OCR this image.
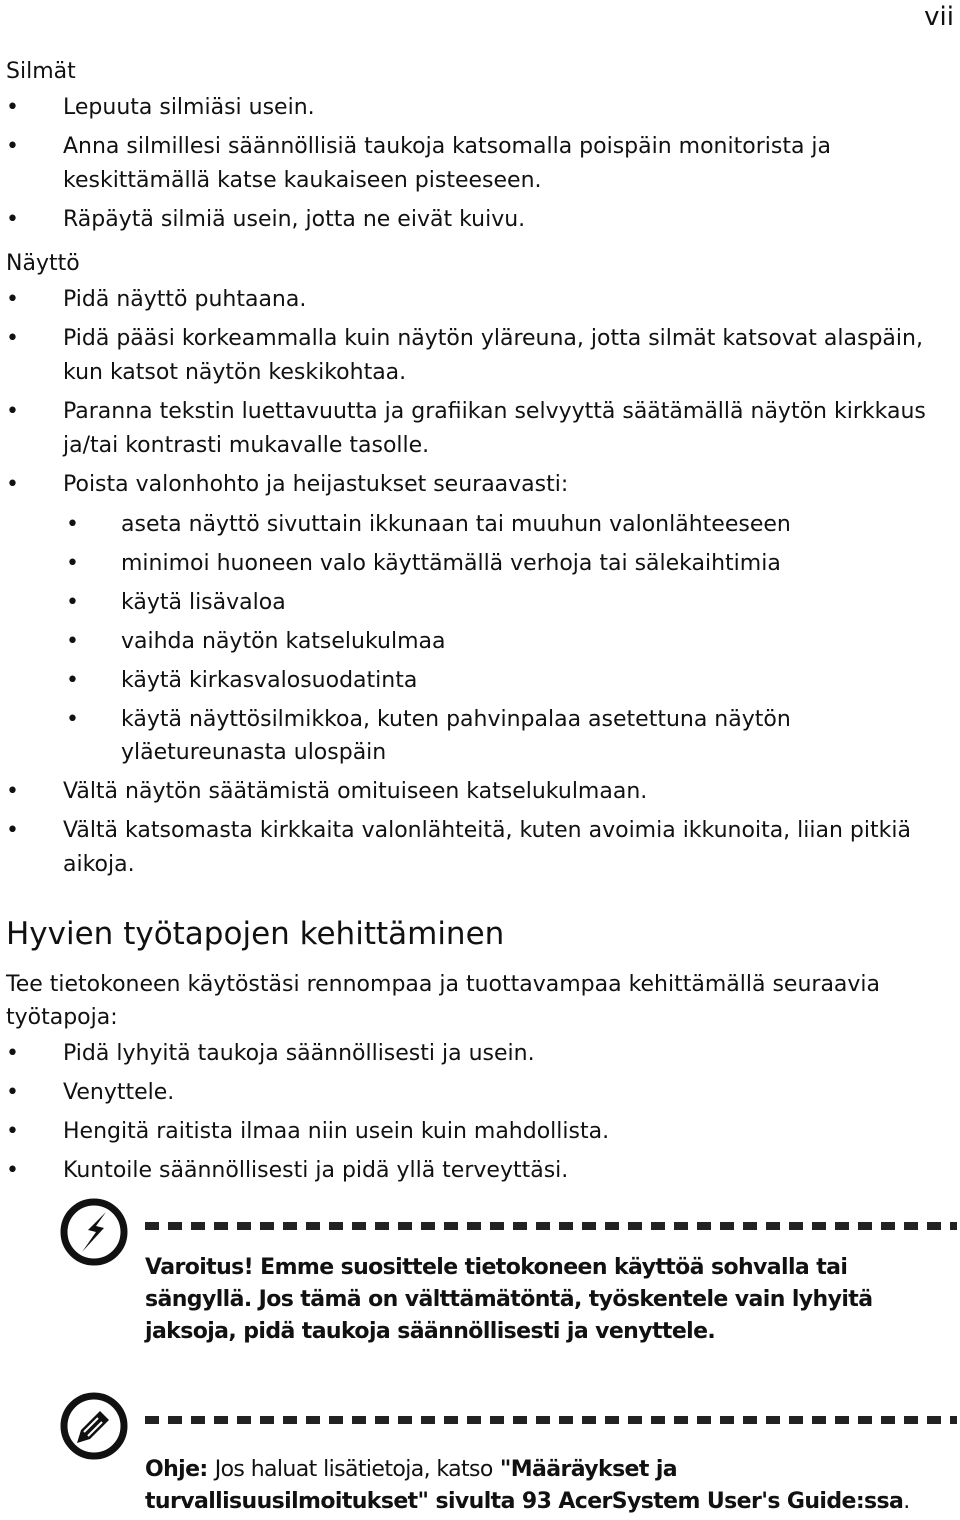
vii

Silmät
• Lepuuta silmiäsi usein.
• Anna silmillesi säännöllisiä taukoja katsomalla poispäin monitorista ja keskittämällä katse kaukaiseen pisteeseen.
• Räpäytä silmiä usein, jotta ne eivät kuivu.
Näyttö
• Pidä näyttö puhtaana.
• Pidä pääsi korkeammalla kuin näytön yläreuna, jotta silmät katsovat alaspäin, kun katsot näytön keskikohtaa.
• Paranna tekstin luettavuutta ja grafiikan selvyyttä säätämällä näytön kirkkaus ja/tai kontrasti mukavalle tasolle.
• Poista valonhohto ja heijastukset seuraavasti:
• aseta näyttö sivuttain ikkunaan tai muuhun valonlähteeseen
• minimoi huoneen valo käyttämällä verhoja tai sälekaihtimia
• käytä lisävaloa
• vaihda näytön katselukulmaa
• käytä kirkasvalosuodatinta
• käytä näyttösilmikkoa, kuten pahvinpalaa asetettuna näytön yläetureunasta ulospäin
• Vältä näytön säätämistä omituiseen katselukulmaan.
• Vältä katsomasta kirkkaita valonlähteitä, kuten avoimia ikkunoita, liian pitkiä aikoja.
Hyvien työtapojen kehittäminen

Tee tietokoneen käytöstäsi rennompaa ja tuottavampaa kehittämällä seuraavia työtapoja:

• Pidä lyhyitä taukoja säännöllisesti ja usein.
• Venyttele.
• Hengitä raitista ilmaa niin usein kuin mahdollista.
• Kuntoile säännöllisesti ja pidä yllä terveyttäsi.

Varoitus! Emme suosittele tietokoneen käyttöä sohvalla tai sängyllä. Jos tämä on välttämätöntä, työskentele vain lyhyitä jaksoja, pidä taukoja säännöllisesti ja venyttele.

Ohje: Jos haluat lisätietoja, katso "Määräykset ja turvallisuusilmoitukset" sivulta 93 AcerSystem User's Guide:ssa.
